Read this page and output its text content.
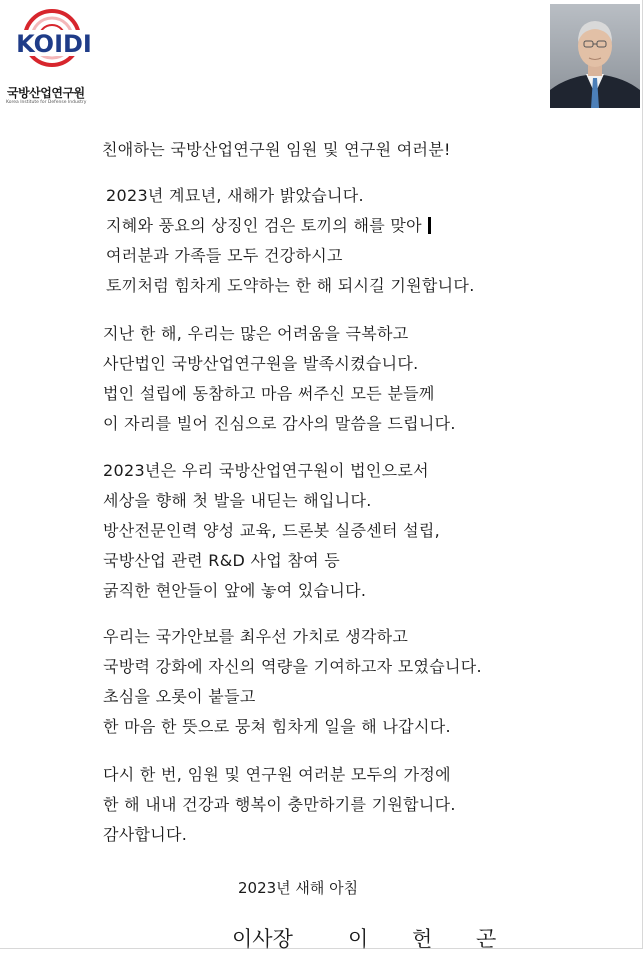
KOIDI
국방산업연구원
Korea Institute for Defense Industry
친애하는 국방산업연구원 임원 및 연구원 여러분!
2023년 계묘년, 새해가 밝았습니다.
지혜와 풍요의 상징인 검은 토끼의 해를 맞아
여러분과 가족들 모두 건강하시고
토끼처럼 힘차게 도약하는 한 해 되시길 기원합니다.
지난 한 해, 우리는 많은 어려움을 극복하고
사단법인 국방산업연구원을 발족시켰습니다.
법인 설립에 동참하고 마음 써주신 모든 분들께
이 자리를 빌어 진심으로 감사의 말씀을 드립니다.
2023년은 우리 국방산업연구원이 법인으로서
세상을 향해 첫 발을 내딛는 해입니다.
방산전문인력 양성 교육, 드론봇 실증센터 설립,
국방산업 관련 R&D 사업 참여 등
굵직한 현안들이 앞에 놓여 있습니다.
우리는 국가안보를 최우선 가치로 생각하고
국방력 강화에 자신의 역량을 기여하고자 모였습니다.
초심을 오롯이 붙들고
한 마음 한 뜻으로 뭉쳐 힘차게 일을 해 나갑시다.
다시 한 번, 임원 및 연구원 여러분 모두의 가정에
한 해 내내 건강과 행복이 충만하기를 기원합니다.
감사합니다.
2023년 새해 아침
이사장	이 헌 곤
